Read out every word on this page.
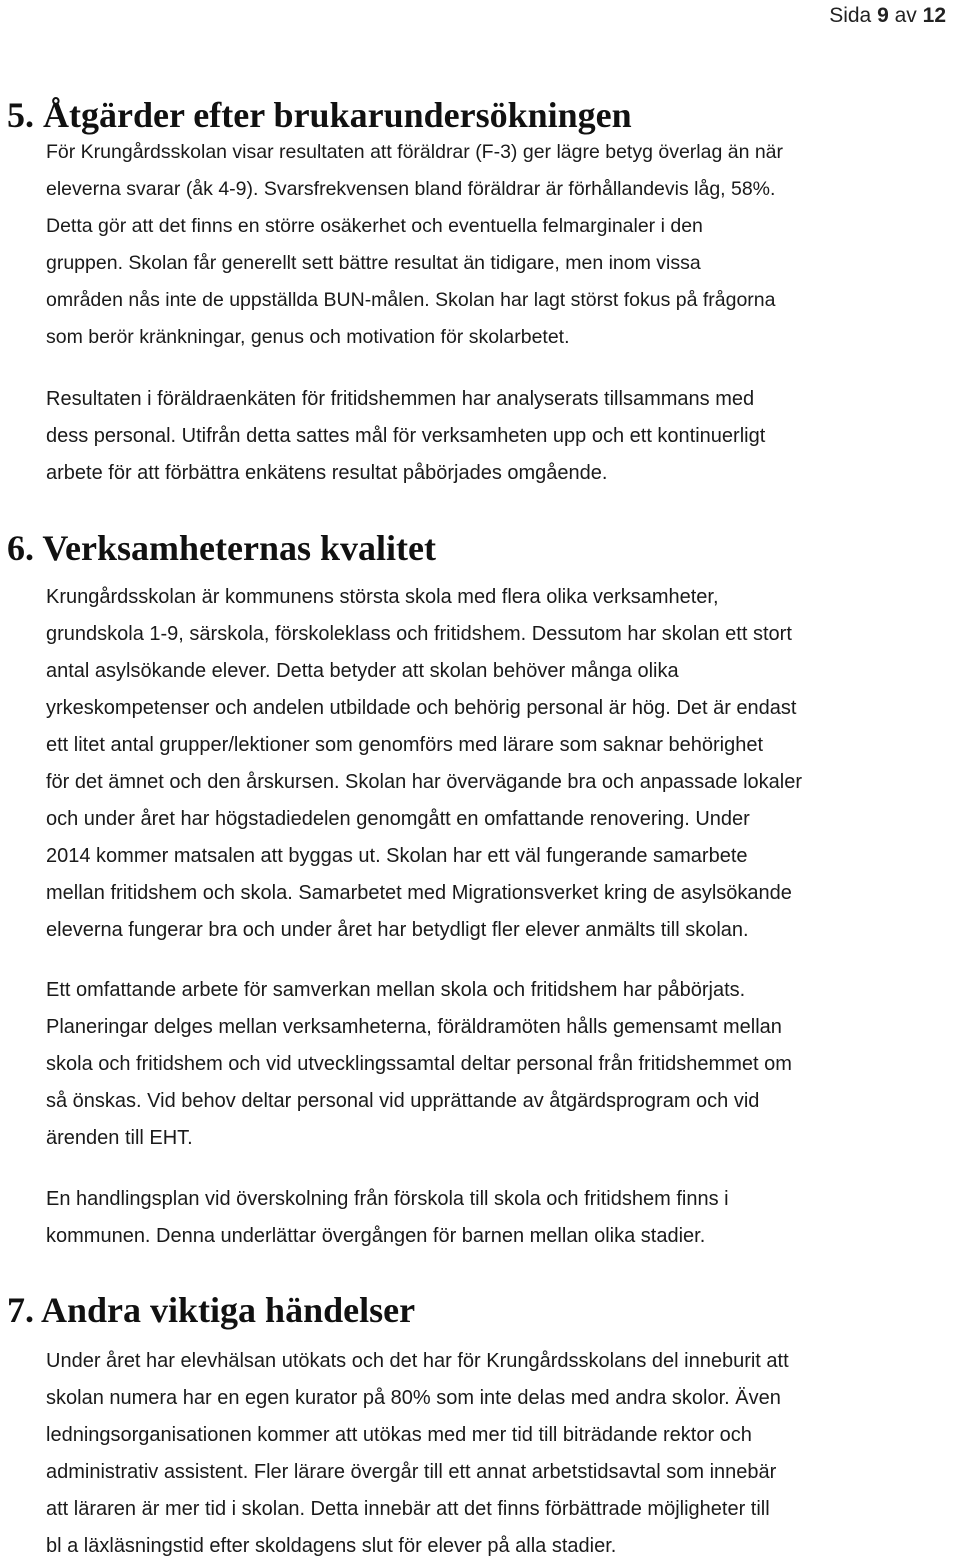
Sida 9 av 12
5. Åtgärder efter brukarundersökningen
För Krungårdsskolan visar resultaten att föräldrar (F-3) ger lägre betyg överlag än när
eleverna svarar (åk 4-9). Svarsfrekvensen bland föräldrar är förhållandevis låg, 58%.
Detta gör att det finns en större osäkerhet och eventuella felmarginaler i den
gruppen. Skolan får generellt sett bättre resultat än tidigare, men inom vissa
områden nås inte de uppställda BUN-målen. Skolan har lagt störst fokus på frågorna
som berör kränkningar, genus och motivation för skolarbetet.
Resultaten i föräldraenkäten för fritidshemmen har analyserats tillsammans med
dess personal. Utifrån detta sattes mål för verksamheten upp och ett kontinuerligt
arbete för att förbättra enkätens resultat påbörjades omgående.
6. Verksamheternas kvalitet
Krungårdsskolan är kommunens största skola med flera olika verksamheter,
grundskola 1-9, särskola, förskoleklass och fritidshem. Dessutom har skolan ett stort
antal asylsökande elever. Detta betyder att skolan behöver många olika
yrkeskompetenser och andelen utbildade och behörig personal är hög. Det är endast
ett litet antal grupper/lektioner som genomförs med lärare som saknar behörighet
för det ämnet och den årskursen. Skolan har övervägande bra och anpassade lokaler
och under året har högstadiedelen genomgått en omfattande renovering. Under
2014 kommer matsalen att byggas ut. Skolan har ett väl fungerande samarbete
mellan fritidshem och skola. Samarbetet med Migrationsverket kring de asylsökande
eleverna fungerar bra och under året har betydligt fler elever anmälts till skolan.
Ett omfattande arbete för samverkan mellan skola och fritidshem har påbörjats.
Planeringar delges mellan verksamheterna, föräldramöten hålls gemensamt mellan
skola och fritidshem och vid utvecklingssamtal deltar personal från fritidshemmet om
så önskas. Vid behov deltar personal vid upprättande av åtgärdsprogram och vid
ärenden till EHT.
En handlingsplan vid överskolning från förskola till skola och fritidshem finns i
kommunen. Denna underlättar övergången för barnen mellan olika stadier.
7. Andra viktiga händelser
Under året har elevhälsan utökats och det har för Krungårdsskolans del inneburit att
skolan numera har en egen kurator på 80% som inte delas med andra skolor. Även
ledningsorganisationen kommer att utökas med mer tid till biträdande rektor och
administrativ assistent. Fler lärare övergår till ett annat arbetstidsavtal som innebär
att läraren är mer tid i skolan. Detta innebär att det finns förbättrade möjligheter till
bl a läxläsningstid efter skoldagens slut för elever på alla stadier.
